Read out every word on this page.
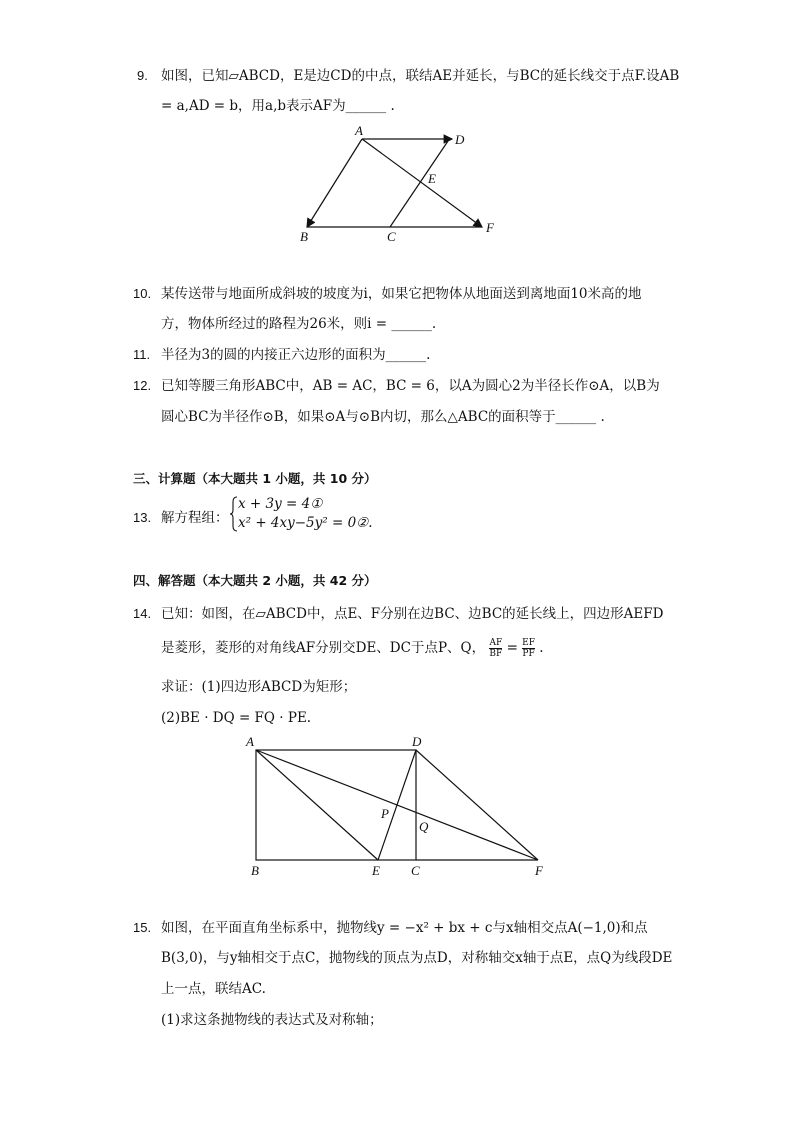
9. 如图，已知▱ABCD，E是边CD的中点，联结AE并延长，与BC的延长线交于点F.设AB
= a,AD = b，用a,b表示AF为______ .
A
D
E
B	C
F
10. 某传送带与地面所成斜坡的坡度为i，如果它把物体从地面送到离地面10米高的地
方，物体所经过的路程为26米，则i = ______.
11. 半径为3的圆的内接正六边形的面积为______.
12. 已知等腰三角形ABC中，AB = AC，BC = 6，以A为圆心2为半径长作⊙A，以B为
圆心BC为半径作⊙B，如果⊙A与⊙B内切，那么△ABC的面积等于______ .
三、计算题（本大题共 1 小题，共 10 分）
13. 解方程组：
x + 3y = 4①
x² + 4xy−5y² = 0②.
四、解答题（本大题共 2 小题，共 42 分）
14. 已知：如图，在▱ABCD中，点E、F分别在边BC、边BC的延长线上，四边形AEFD
是菱形，菱形的对角线AF分别交DE、DC于点P、Q， $\frac{AF}{BF} = \frac{EF}{PF}$ .
求证：(1)四边形ABCD为矩形；
(2)BE · DQ = FQ · PE.
A	D
P
Q
B	E C	F
15. 如图，在平面直角坐标系中，抛物线y = −x² + bx + c与x轴相交点A(−1,0)和点
B(3,0)，与y轴相交于点C，抛物线的顶点为点D，对称轴交x轴于点E，点Q为线段DE
上一点，联结AC.
(1)求这条抛物线的表达式及对称轴；
